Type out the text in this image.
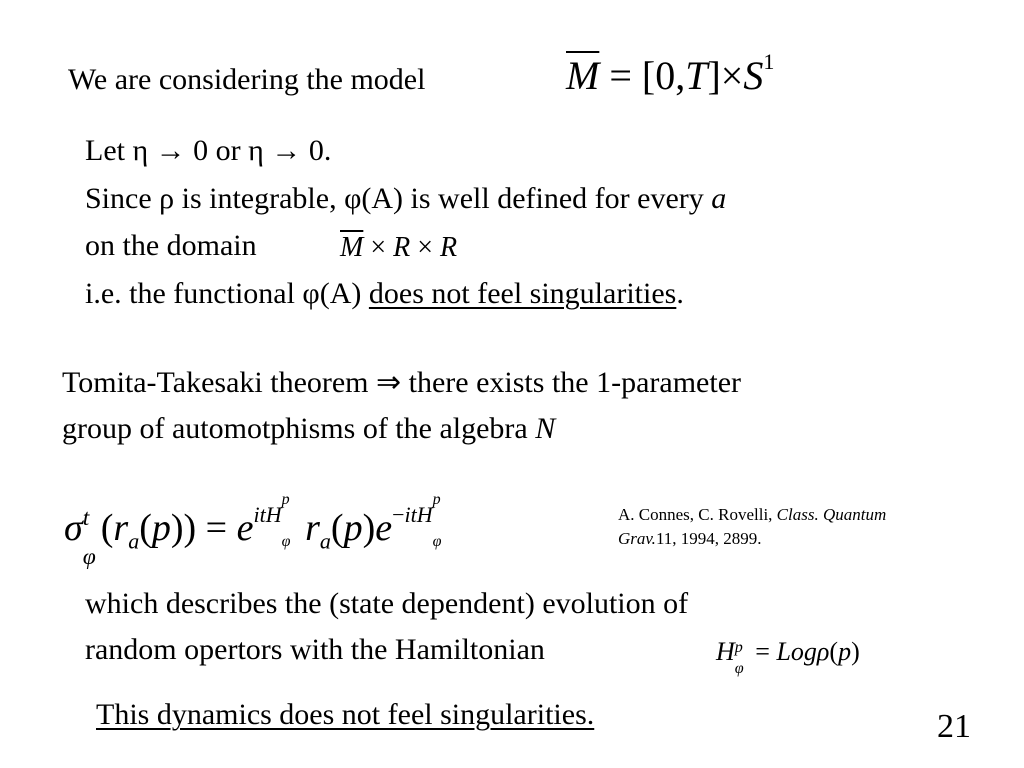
We are considering the model	$\overline{M} = [0,T]\times S^1$
Let η → 0 or η → 0.
Since ρ is integrable, φ(A) is well defined for every a
on the domain	$\overline{M} \times R \times R$
i.e. the functional φ(A) does not feel singularities.
Tomita-Takesaki theorem ⇒ there exists the 1-parameter
group of automotphisms of the algebra N
σ
φ
t $(r_a(p)) = e^{itH \varphi p}$
$r_a(p)e^{-itH \varphi p}$
A. Connes, C. Rovelli, Class. Quantum
Grav.11, 1994, 2899.
which describes the (state dependent) evolution of
random opertors with the Hamiltonian	H
φ
p = Logρ(p)
This dynamics does not feel singularities.	21
